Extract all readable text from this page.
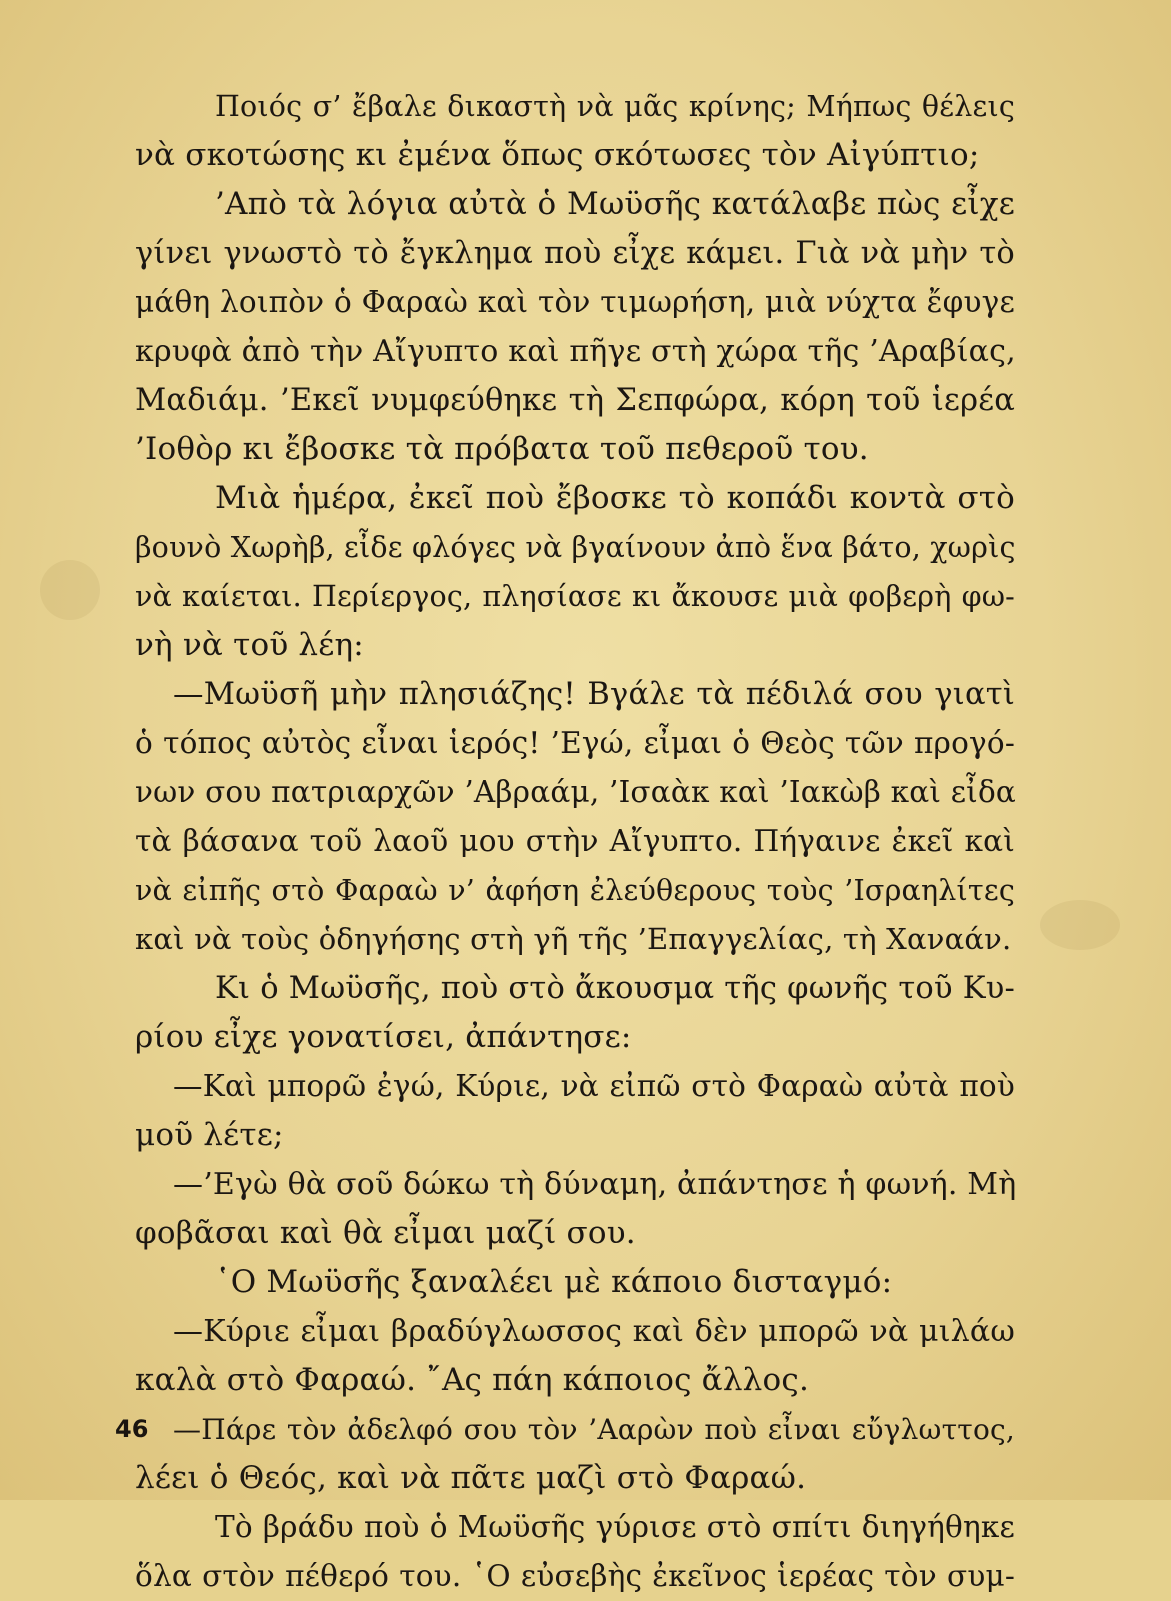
Ποιός σ’ ἔβαλε δικαστὴ νὰ μᾶς κρίνης; Μήπως θέλεις
νὰ σκοτώσης κι ἐμένα ὅπως σκότωσες τὸν Αἰγύπτιο;
’Απὸ τὰ λόγια αὐτὰ ὁ Μωϋσῆς κατάλαβε πὼς εἶχε
γίνει γνωστὸ τὸ ἔγκλημα ποὺ εἶχε κάμει. Γιὰ νὰ μὴν τὸ
μάθη λοιπὸν ὁ Φαραὼ καὶ τὸν τιμωρήση, μιὰ νύχτα ἔφυγε
κρυφὰ ἀπὸ τὴν Αἴγυπτο καὶ πῆγε στὴ χώρα τῆς ’Αραβίας,
Μαδιάμ. ’Εκεῖ νυμφεύθηκε τὴ Σεπφώρα, κόρη τοῦ ἱερέα
’Ιοθὸρ κι ἔβοσκε τὰ πρόβατα τοῦ πεθεροῦ του.
Μιὰ ἡμέρα, ἐκεῖ ποὺ ἔβοσκε τὸ κοπάδι κοντὰ στὸ
βουνὸ Χωρὴβ, εἶδε φλόγες νὰ βγαίνουν ἀπὸ ἕνα βάτο, χωρὶς
νὰ καίεται. Περίεργος, πλησίασε κι ἄκουσε μιὰ φοβερὴ φω-
νὴ νὰ τοῦ λέη:
—Μωϋσῆ μὴν πλησιάζης! Βγάλε τὰ πέδιλά σου γιατὶ
ὁ τόπος αὐτὸς εἶναι ἱερός! ’Εγώ, εἶμαι ὁ Θεὸς τῶν προγό-
νων σου πατριαρχῶν ’Αβραάμ, ’Ισαὰκ καὶ ’Ιακὼβ καὶ εἶδα
τὰ βάσανα τοῦ λαοῦ μου στὴν Αἴγυπτο. Πήγαινε ἐκεῖ καὶ
νὰ εἰπῆς στὸ Φαραὼ ν’ ἀφήση ἐλεύθερους τοὺς ’Ισραηλίτες
καὶ νὰ τοὺς ὁδηγήσης στὴ γῆ τῆς ’Επαγγελίας, τὴ Χαναάν.
Κι ὁ Μωϋσῆς, ποὺ στὸ ἄκουσμα τῆς φωνῆς τοῦ Κυ-
ρίου εἶχε γονατίσει, ἀπάντησε:
—Καὶ μπορῶ ἐγώ, Κύριε, νὰ εἰπῶ στὸ Φαραὼ αὐτὰ ποὺ
μοῦ λέτε;
—’Εγὼ θὰ σοῦ δώκω τὴ δύναμη, ἀπάντησε ἡ φωνή. Μὴ
φοβᾶσαι καὶ θὰ εἶμαι μαζί σου.
῾Ο Μωϋσῆς ξαναλέει μὲ κάποιο δισταγμό:
—Κύριε εἶμαι βραδύγλωσσος καὶ δὲν μπορῶ νὰ μιλάω
καλὰ στὸ Φαραώ. ῎Ας πάη κάποιος ἄλλος.
—Πάρε τὸν ἀδελφό σου τὸν ’Ααρὼν ποὺ εἶναι εὔγλωττος,
λέει ὁ Θεός, καὶ νὰ πᾶτε μαζὶ στὸ Φαραώ.
Τὸ βράδυ ποὺ ὁ Μωϋσῆς γύρισε στὸ σπίτι διηγήθηκε
ὅλα στὸν πέθερό του. ῾Ο εὐσεβὴς ἐκεῖνος ἱερέας τὸν συμ-
46
